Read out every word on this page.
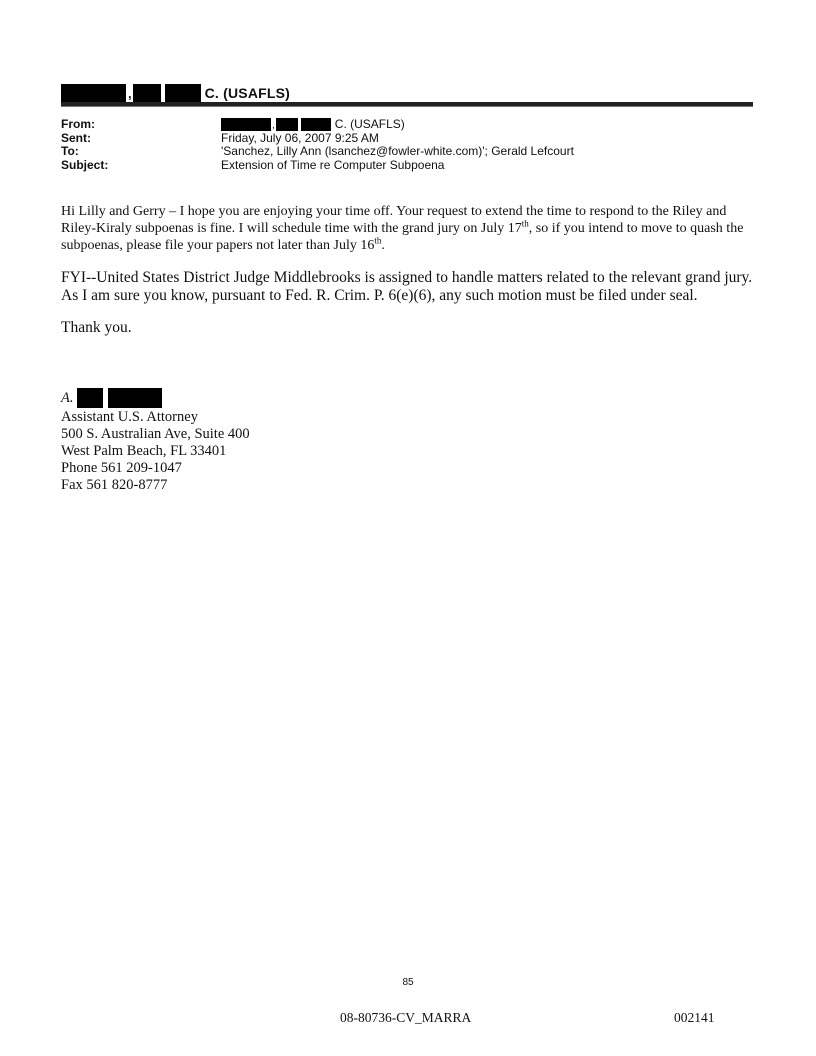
,	C. (USAFLS)
From:	,	C. (USAFLS)
Sent:	Friday, July 06, 2007 9:25 AM
To:	'Sanchez, Lilly Ann (lsanchez@fowler-white.com)'; Gerald Lefcourt
Subject:	Extension of Time re Computer Subpoena

Hi Lilly and Gerry – I hope you are enjoying your time off. Your request to extend the time to respond to the Riley and Riley-Kiraly subpoenas is fine. I will schedule time with the grand jury on July 17th, so if you intend to move to quash the subpoenas, please file your papers not later than July 16th.

FYI--United States District Judge Middlebrooks is assigned to handle matters related to the relevant grand jury. As I am sure you know, pursuant to Fed. R. Crim. P. 6(e)(6), any such motion must be filed under seal.

Thank you.

A.
Assistant U.S. Attorney
500 S. Australian Ave, Suite 400
West Palm Beach, FL 33401
Phone 561 209-1047
Fax 561 820-8777
85
08-80736-CV_MARRA	002141
